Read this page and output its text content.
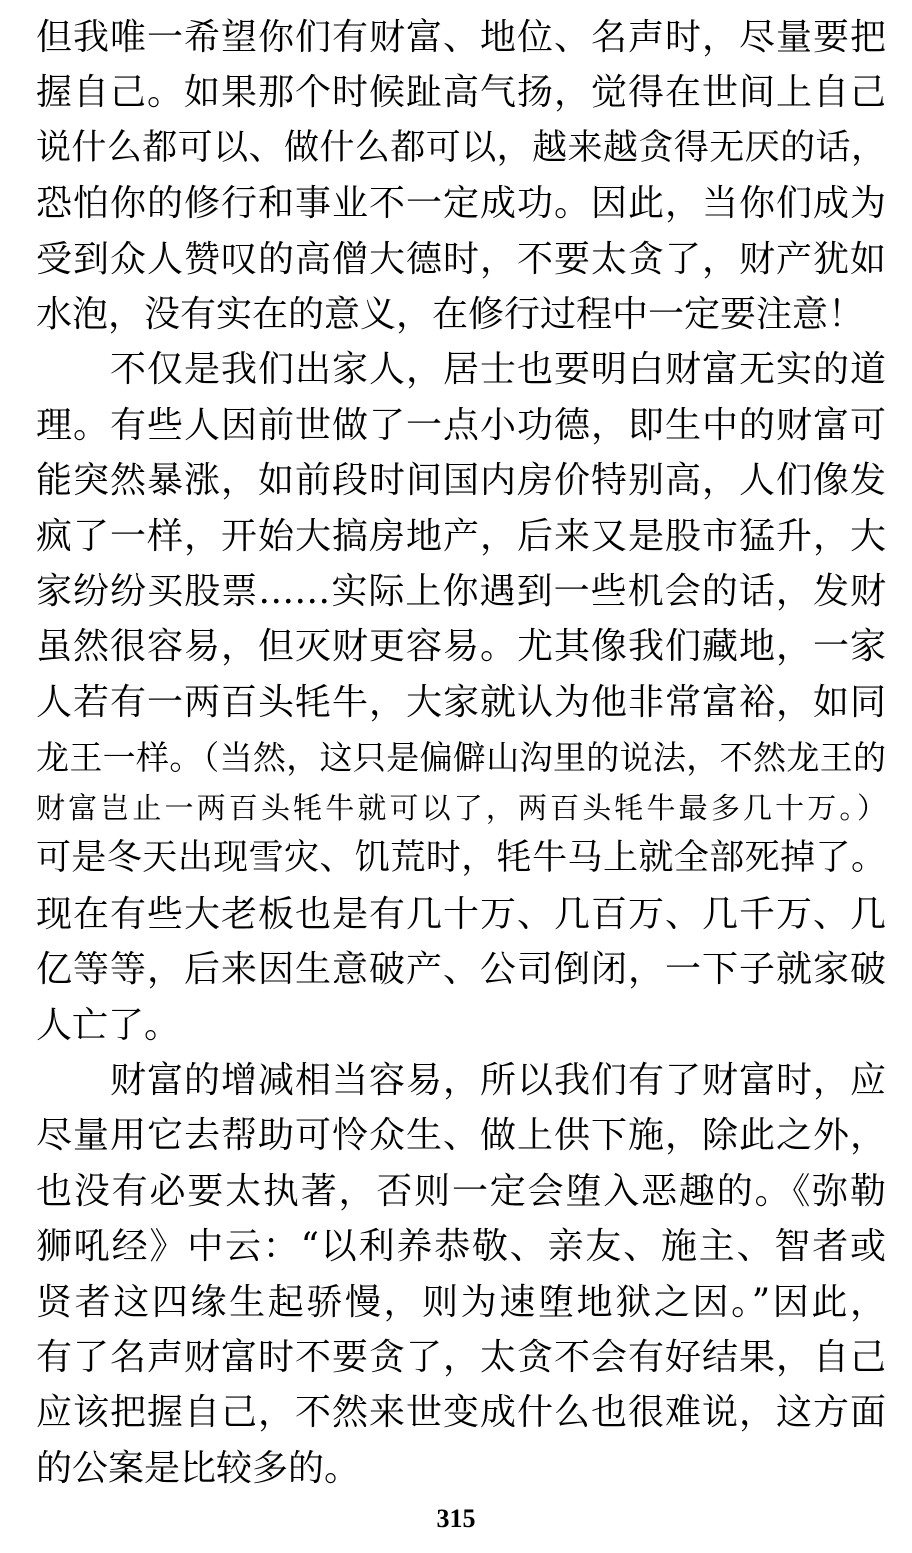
但我唯一希望你们有财富、地位、名声时，尽量要把
握自己。如果那个时候趾高气扬，觉得在世间上自己
说什么都可以、做什么都可以，越来越贪得无厌的话，
恐怕你的修行和事业不一定成功。因此，当你们成为
受到众人赞叹的高僧大德时，不要太贪了，财产犹如
水泡，没有实在的意义，在修行过程中一定要注意！
　　不仅是我们出家人，居士也要明白财富无实的道
理。有些人因前世做了一点小功德，即生中的财富可
能突然暴涨，如前段时间国内房价特别高，人们像发
疯了一样，开始大搞房地产，后来又是股市猛升，大
家纷纷买股票……实际上你遇到一些机会的话，发财
虽然很容易，但灭财更容易。尤其像我们藏地，一家
人若有一两百头牦牛，大家就认为他非常富裕，如同
龙王一样。（当然，这只是偏僻山沟里的说法，不然龙王的
财富岂止一两百头牦牛就可以了，两百头牦牛最多几十万。）
可是冬天出现雪灾、饥荒时，牦牛马上就全部死掉了。
现在有些大老板也是有几十万、几百万、几千万、几
亿等等，后来因生意破产、公司倒闭，一下子就家破
人亡了。
　　财富的增减相当容易，所以我们有了财富时，应
尽量用它去帮助可怜众生、做上供下施，除此之外，
也没有必要太执著，否则一定会堕入恶趣的。《弥勒
狮吼经》中云：“以利养恭敬、亲友、施主、智者或
贤者这四缘生起骄慢，则为速堕地狱之因。”因此，
有了名声财富时不要贪了，太贪不会有好结果，自己
应该把握自己，不然来世变成什么也很难说，这方面
的公案是比较多的。
315
